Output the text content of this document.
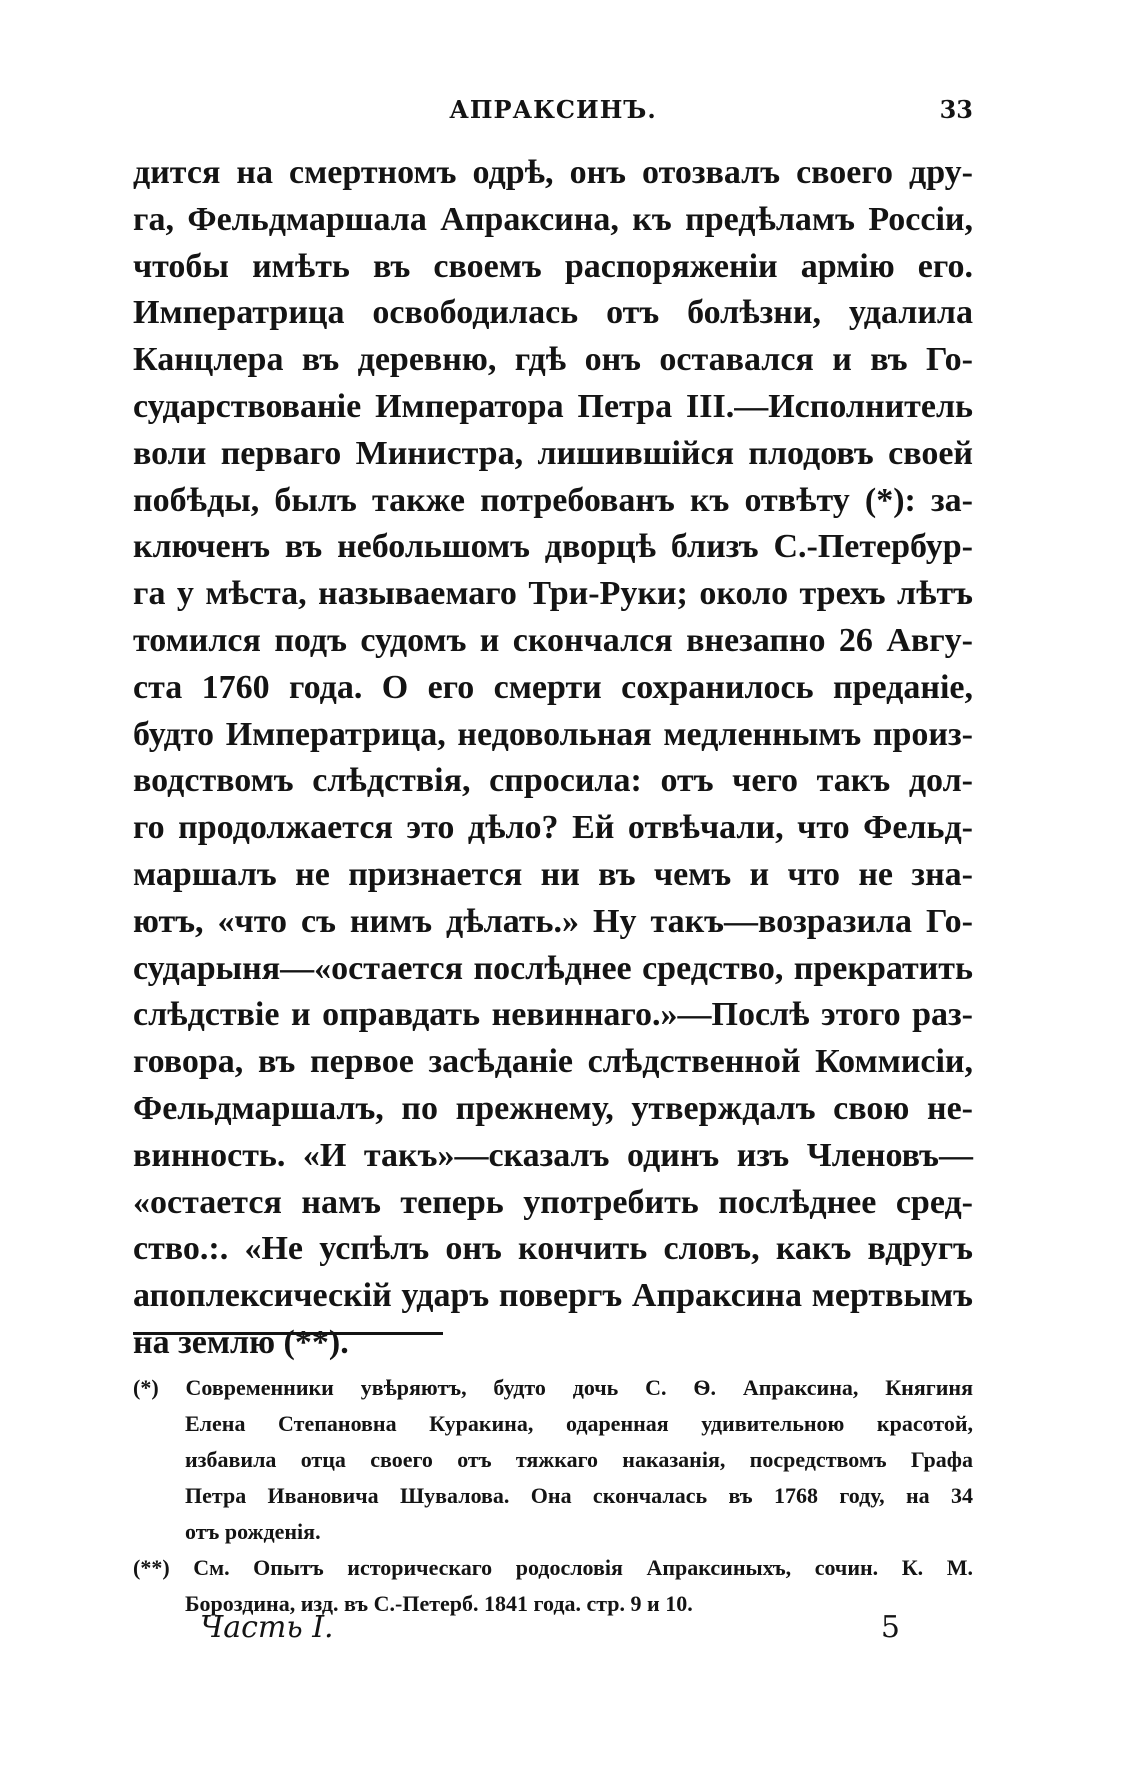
АПРАКСИНЪ.	33
дится на смертномъ одрѣ, онъ отозвалъ своего дру-
га, Фельдмаршала Апраксина, къ предѣламъ Россіи,
чтобы имѣть въ своемъ распоряженіи армію его.
Императрица освободилась отъ болѣзни, удалила
Канцлера въ деревню, гдѣ онъ оставался и въ Го-
сударствованіе Императора Петра III.—Исполнитель
воли перваго Министра, лишившійся плодовъ своей
побѣды, былъ также потребованъ къ отвѣту (*): за-
ключенъ въ небольшомъ дворцѣ близъ С.-Петербур-
га у мѣста, называемаго Три-Руки; около трехъ лѣтъ
томился подъ судомъ и скончался внезапно 26 Авгу-
ста 1760 года. О его смерти сохранилось преданіе,
будто Императрица, недовольная медленнымъ произ-
водствомъ слѣдствія, спросила: отъ чего такъ дол-
го продолжается это дѣло? Ей отвѣчали, что Фельд-
маршалъ не признается ни въ чемъ и что не зна-
ютъ, «что съ нимъ дѣлать.» Ну такъ—возразила Го-
сударыня—«остается послѣднее средство, прекратить
слѣдствіе и оправдать невиннаго.»—Послѣ этого раз-
говора, въ первое засѣданіе слѣдственной Коммисіи,
Фельдмаршалъ, по прежнему, утверждалъ свою не-
винность. «И такъ»—сказалъ одинъ изъ Членовъ—
«остается намъ теперь употребить послѣднее сред-
ство.:. «Не успѣлъ онъ кончить словъ, какъ вдругъ
апоплексическій ударъ повергъ Апраксина мертвымъ
на землю (**).
(*) Современники увѣряютъ, будто дочь С. Ѳ. Апраксина, Княгиня
Елена Степановна Куракина, одаренная удивительною красотой,
избавила отца своего отъ тяжкаго наказанія, посредствомъ Графа
Петра Ивановича Шувалова. Она скончалась въ 1768 году, на 34
отъ рожденія.
(**) См. Опытъ историческаго родословія Апраксиныхъ, сочин. К. М.
Бороздина, изд. въ С.-Петерб. 1841 года. стр. 9 и 10.
Часть I.	5
